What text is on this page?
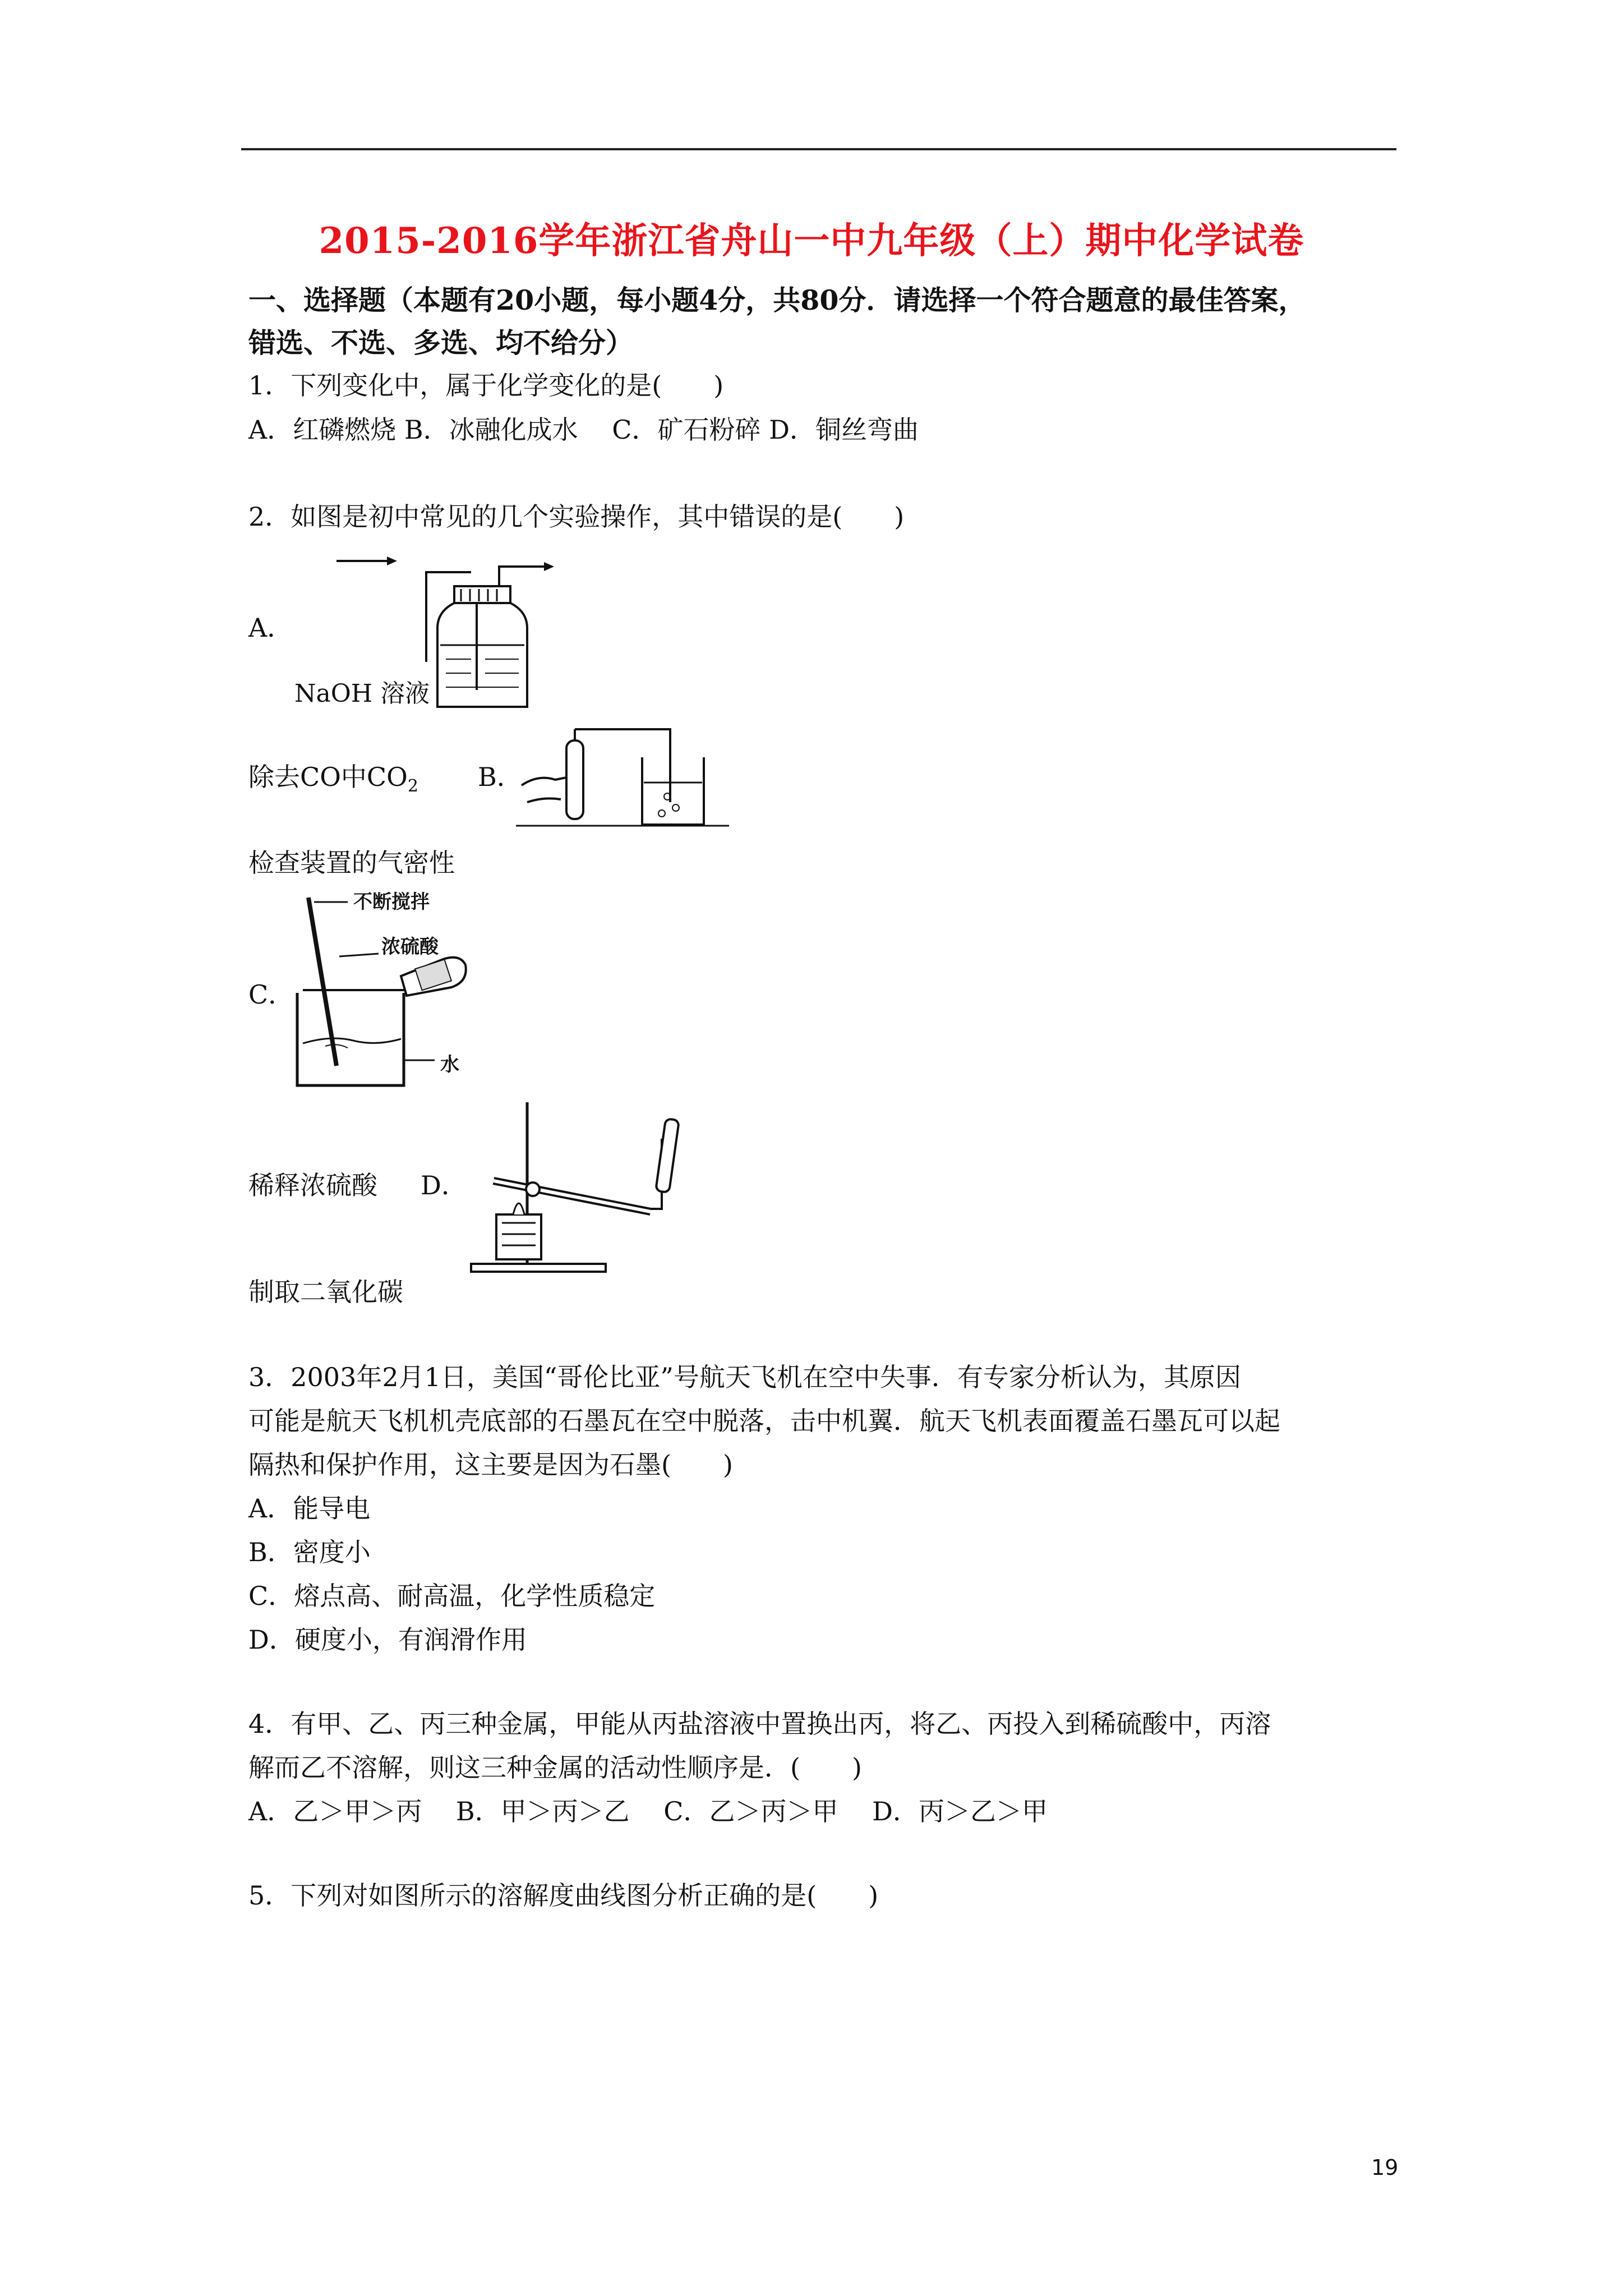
2015-2016学年浙江省舟山一中九年级（上）期中化学试卷
一、选择题（本题有20小题，每小题4分，共80分．请选择一个符合题意的最佳答案，
错选、不选、多选、均不给分）
1．下列变化中，属于化学变化的是(　　)
A．红磷燃烧 B．冰融化成水　 C．矿石粉碎 D．铜丝弯曲
2．如图是初中常见的几个实验操作，其中错误的是(　　)
A．
NaOH 溶液
除去CO中$CO_2$ B．
检查装置的气密性
C．
不断搅拌
浓硫酸
水
稀释浓硫酸 D．
制取二氧化碳
3．2003年2月1日，美国“哥伦比亚”号航天飞机在空中失事．有专家分析认为，其原因
可能是航天飞机机壳底部的石墨瓦在空中脱落，击中机翼．航天飞机表面覆盖石墨瓦可以起
隔热和保护作用，这主要是因为石墨(　　)
A．能导电
B．密度小
C．熔点高、耐高温，化学性质稳定
D．硬度小，有润滑作用
4．有甲、乙、丙三种金属，甲能从丙盐溶液中置换出丙，将乙、丙投入到稀硫酸中，丙溶
解而乙不溶解，则这三种金属的活动性顺序是．(　　)
A．乙＞甲＞丙　 B．甲＞丙＞乙　 C．乙＞丙＞甲　 D．丙＞乙＞甲
5．下列对如图所示的溶解度曲线图分析正确的是(　　)
19
